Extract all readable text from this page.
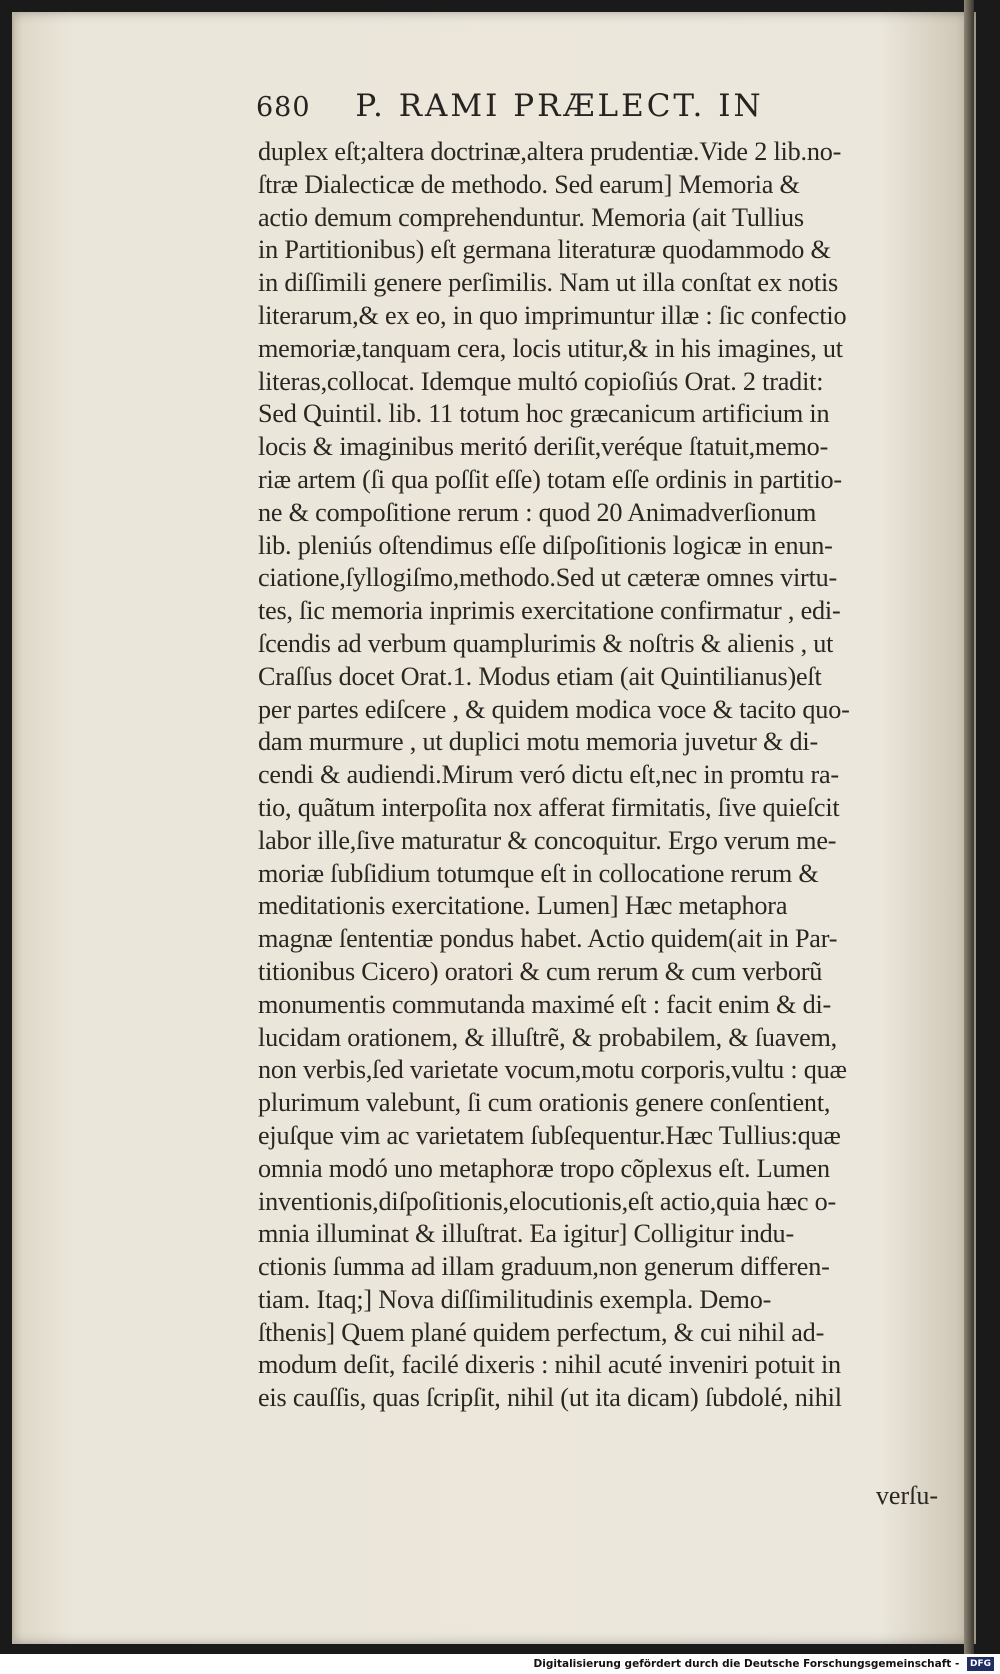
680 P. RAMI PRÆLECT. IN
duplex eſt;altera doctrinæ,altera prudentiæ.Vide 2 lib.no-
ſtræ Dialecticæ de methodo. Sed earum] Memoria &
actio demum comprehenduntur. Memoria (ait Tullius
in Partitionibus) eſt germana literaturæ quodammodo &
in diſſimili genere perſimilis. Nam ut illa conſtat ex notis
literarum,& ex eo, in quo imprimuntur illæ : ſic confectio
memoriæ,tanquam cera, locis utitur,& in his imagines, ut
literas,collocat. Idemque multó copioſiús Orat. 2 tradit:
Sed Quintil. lib. 11 totum hoc græcanicum artificium in
locis & imaginibus meritó deriſit,veréque ſtatuit,memo-
riæ artem (ſi qua poſſit eſſe) totam eſſe ordinis in partitio-
ne & compoſitione rerum : quod 20 Animadverſionum
lib. pleniús oſtendimus eſſe diſpoſitionis logicæ in enun-
ciatione,ſyllogiſmo,methodo.Sed ut cæteræ omnes virtu-
tes, ſic memoria inprimis exercitatione confirmatur , edi-
ſcendis ad verbum quamplurimis & noſtris & alienis , ut
Craſſus docet Orat.1. Modus etiam (ait Quintilianus)eſt
per partes ediſcere , & quidem modica voce & tacito quo-
dam murmure , ut duplici motu memoria juvetur & di-
cendi & audiendi.Mirum veró dictu eſt,nec in promtu ra-
tio, quãtum interpoſita nox afferat firmitatis, ſive quieſcit
labor ille,ſive maturatur & concoquitur. Ergo verum me-
moriæ ſubſidium totumque eſt in collocatione rerum &
meditationis exercitatione. Lumen] Hæc metaphora
magnæ ſententiæ pondus habet. Actio quidem(ait in Par-
titionibus Cicero) oratori & cum rerum & cum verborũ
monumentis commutanda maximé eſt : facit enim & di-
lucidam orationem, & illuſtrẽ, & probabilem, & ſuavem,
non verbis,ſed varietate vocum,motu corporis,vultu : quæ
plurimum valebunt, ſi cum orationis genere conſentient,
ejuſque vim ac varietatem ſubſequentur.Hæc Tullius:quæ
omnia modó uno metaphoræ tropo cõplexus eſt. Lumen
inventionis,diſpoſitionis,elocutionis,eſt actio,quia hæc o-
mnia illuminat & illuſtrat. Ea igitur] Colligitur indu-
ctionis ſumma ad illam graduum,non generum differen-
tiam. Itaq;] Nova diſſimilitudinis exempla. Demo-
ſthenis] Quem plané quidem perfectum, & cui nihil ad-
modum deſit, facilé dixeris : nihil acuté inveniri potuit in
eis cauſſis, quas ſcripſit, nihil (ut ita dicam) ſubdolé, nihil
verſu-
Digitalisierung gefördert durch die Deutsche Forschungsgemeinschaft - DFG
